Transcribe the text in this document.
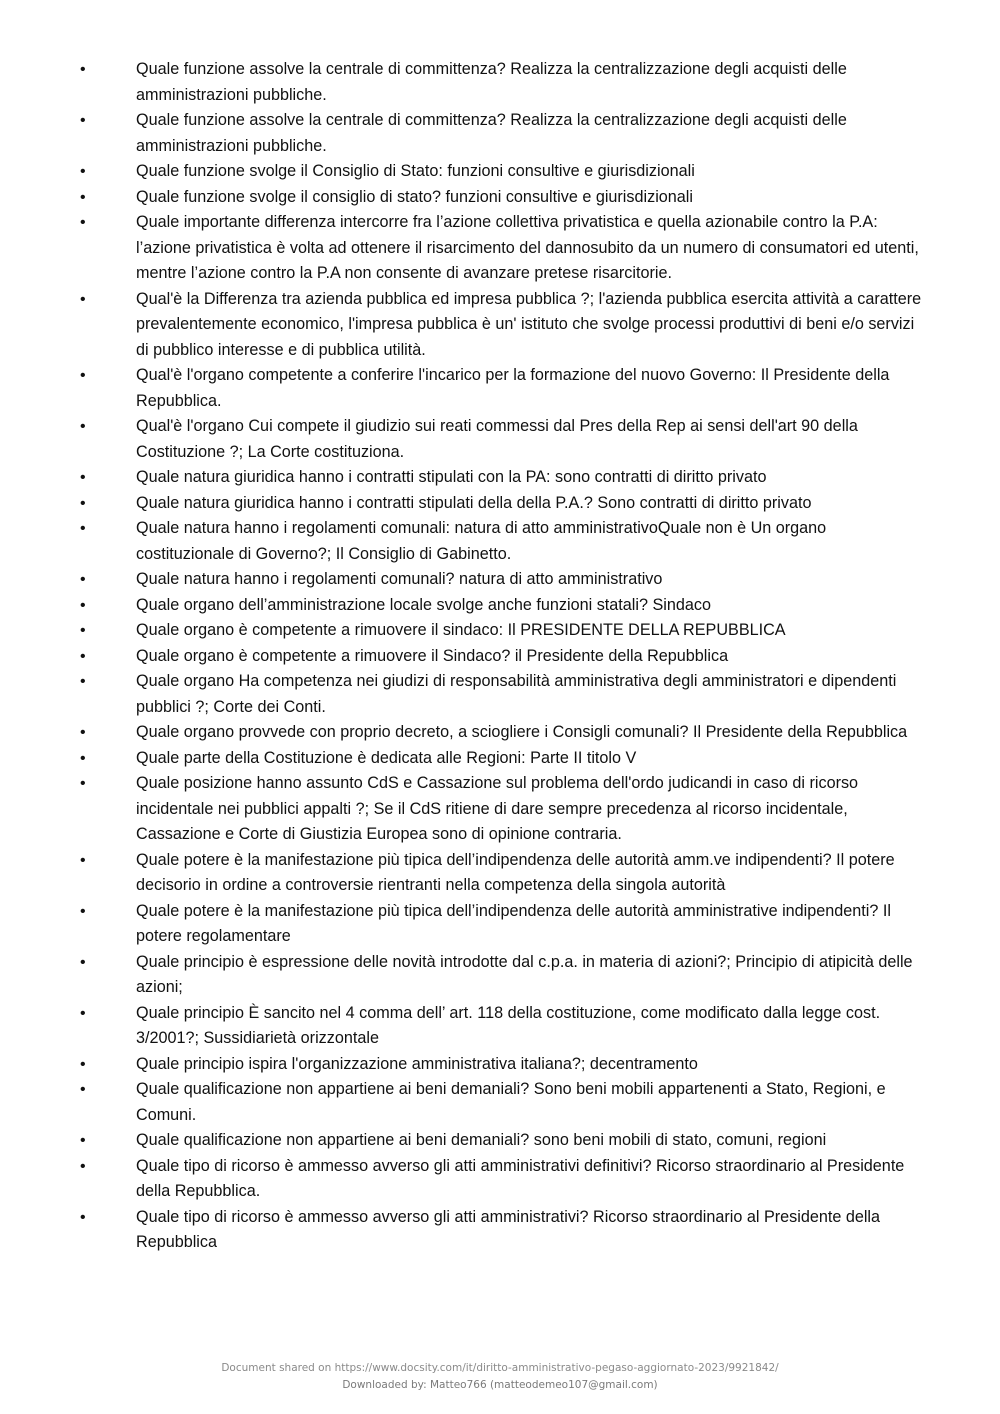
•	Quale funzione assolve la centrale di committenza? Realizza la centralizzazione degli acquisti delle amministrazioni pubbliche.
•	Quale funzione assolve la centrale di committenza? Realizza la centralizzazione degli acquisti delle amministrazioni pubbliche.
•	Quale funzione svolge il Consiglio di Stato: funzioni consultive e giurisdizionali
•	Quale funzione svolge il consiglio di stato? funzioni consultive e giurisdizionali
•	Quale importante differenza intercorre fra l’azione collettiva privatistica e quella azionabile contro la P.A: l’azione privatistica è volta ad ottenere il risarcimento del dannosubito da un numero di consumatori ed utenti, mentre l’azione contro la P.A non consente di avanzare pretese risarcitorie.
•	Qual'è la Differenza tra azienda pubblica ed impresa pubblica ?; l'azienda pubblica esercita attività a carattere prevalentemente economico, l'impresa pubblica è un' istituto che svolge processi produttivi di beni e/o servizi di pubblico interesse e di pubblica utilità.
•	Qual'è l'organo competente a conferire l'incarico per la formazione del nuovo Governo: Il Presidente della Repubblica.
•	Qual'è l'organo Cui compete il giudizio sui reati commessi dal Pres della Rep ai sensi dell'art 90 della Costituzione ?; La Corte costituziona.
•	Quale natura giuridica hanno i contratti stipulati con la PA: sono contratti di diritto privato
•	Quale natura giuridica hanno i contratti stipulati della della P.A.? Sono contratti di diritto privato
•	Quale natura hanno i regolamenti comunali: natura di atto amministrativoQuale non è Un organo costituzionale di Governo?; Il Consiglio di Gabinetto.
•	Quale natura hanno i regolamenti comunali? natura di atto amministrativo
•	Quale organo dell’amministrazione locale svolge anche funzioni statali? Sindaco
•	Quale organo è competente a rimuovere il sindaco: Il PRESIDENTE DELLA REPUBBLICA
•	Quale organo è competente a rimuovere il Sindaco? il Presidente della Repubblica
•	Quale organo Ha competenza nei giudizi di responsabilità amministrativa degli amministratori e dipendenti pubblici ?; Corte dei Conti.
•	Quale organo provvede con proprio decreto, a sciogliere i Consigli comunali? Il Presidente della Repubblica
•	Quale parte della Costituzione è dedicata alle Regioni: Parte II titolo V
•	Quale posizione hanno assunto CdS e Cassazione sul problema dell'ordo judicandi in caso di ricorso incidentale nei pubblici appalti ?; Se il CdS ritiene di dare sempre precedenza al ricorso incidentale, Cassazione e Corte di Giustizia Europea sono di opinione contraria.
•	Quale potere è la manifestazione più tipica dell’indipendenza delle autorità amm.ve indipendenti? Il potere decisorio in ordine a controversie rientranti nella competenza della singola autorità
•	Quale potere è la manifestazione più tipica dell’indipendenza delle autorità amministrative indipendenti? Il potere regolamentare
•	Quale principio è espressione delle novità introdotte dal c.p.a. in materia di azioni?; Principio di atipicità delle azioni;
•	Quale principio È sancito nel 4 comma dell’ art. 118 della costituzione, come modificato dalla legge cost. 3/2001?; Sussidiarietà orizzontale
•	Quale principio ispira l'organizzazione amministrativa italiana?; decentramento
•	Quale qualificazione non appartiene ai beni demaniali? Sono beni mobili appartenenti a Stato, Regioni, e Comuni.
•	Quale qualificazione non appartiene ai beni demaniali? sono beni mobili di stato, comuni, regioni
•	Quale tipo di ricorso è ammesso avverso gli atti amministrativi definitivi? Ricorso straordinario al Presidente della Repubblica.
•	Quale tipo di ricorso è ammesso avverso gli atti amministrativi? Ricorso straordinario al Presidente della Repubblica
Document shared on https://www.docsity.com/it/diritto-amministrativo-pegaso-aggiornato-2023/9921842/
Downloaded by: Matteo766 (matteodemeo107@gmail.com)
